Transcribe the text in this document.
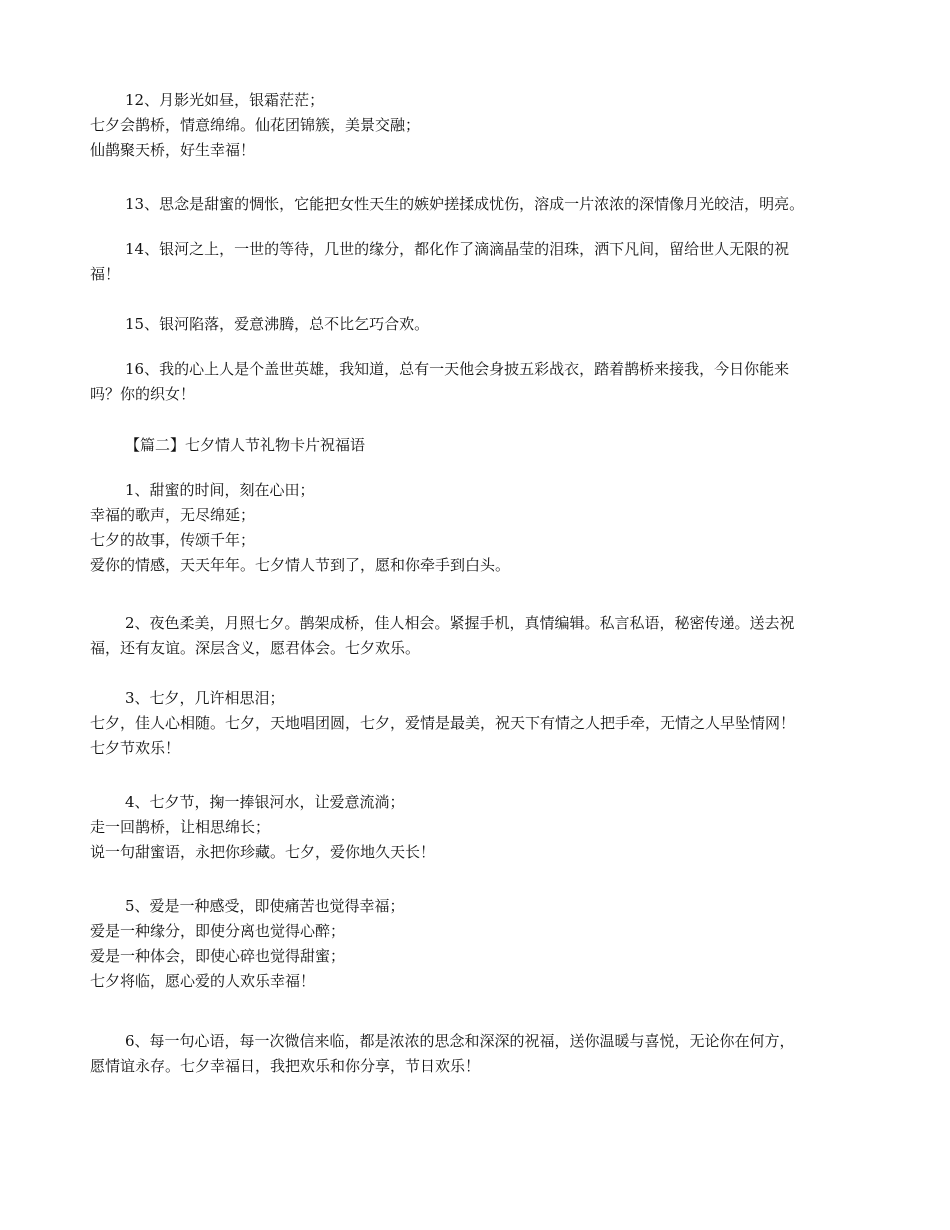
12、月影光如昼，银霜茫茫；
七夕会鹊桥，情意绵绵。仙花团锦簇，美景交融；
仙鹊聚天桥，好生幸福！
13、思念是甜蜜的惆怅，它能把女性天生的嫉妒搓揉成忧伤，溶成一片浓浓的深情像月光皎洁，明亮。
14、银河之上，一世的等待，几世的缘分，都化作了滴滴晶莹的泪珠，洒下凡间，留给世人无限的祝
福！
15、银河陷落，爱意沸腾，总不比乞巧合欢。
16、我的心上人是个盖世英雄，我知道，总有一天他会身披五彩战衣，踏着鹊桥来接我，今日你能来
吗？你的织女！
【篇二】七夕情人节礼物卡片祝福语
1、甜蜜的时间，刻在心田；
幸福的歌声，无尽绵延；
七夕的故事，传颂千年；
爱你的情感，天天年年。七夕情人节到了，愿和你牵手到白头。
2、夜色柔美，月照七夕。鹊架成桥，佳人相会。紧握手机，真情编辑。私言私语，秘密传递。送去祝
福，还有友谊。深层含义，愿君体会。七夕欢乐。
3、七夕，几许相思泪；
七夕，佳人心相随。七夕，天地唱团圆，七夕，爱情是最美，祝天下有情之人把手牵，无情之人早坠情网！
七夕节欢乐！
4、七夕节，掬一捧银河水，让爱意流淌；
走一回鹊桥，让相思绵长；
说一句甜蜜语，永把你珍藏。七夕，爱你地久天长！
5、爱是一种感受，即使痛苦也觉得幸福；
爱是一种缘分，即使分离也觉得心醉；
爱是一种体会，即使心碎也觉得甜蜜；
七夕将临，愿心爱的人欢乐幸福！
6、每一句心语，每一次微信来临，都是浓浓的思念和深深的祝福，送你温暖与喜悦，无论你在何方，
愿情谊永存。七夕幸福日，我把欢乐和你分享，节日欢乐！
